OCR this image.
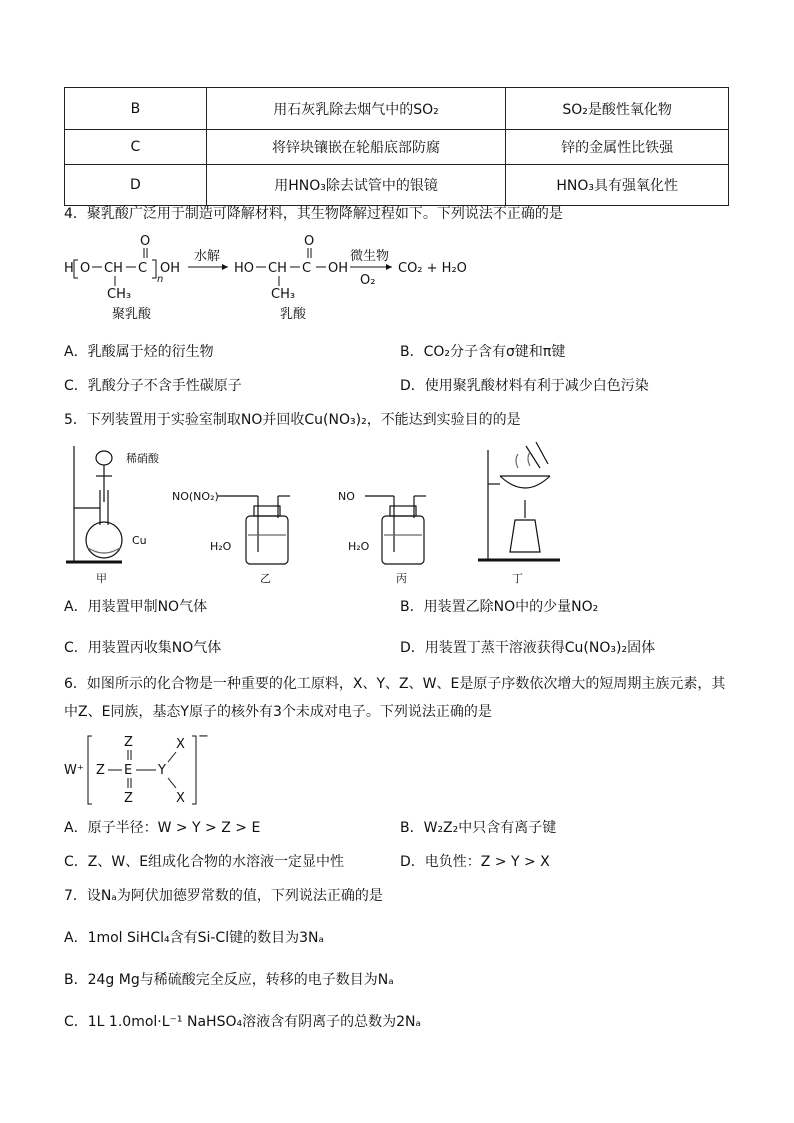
B	用石灰乳除去烟气中的SO₂	SO₂是酸性氧化物
C	将锌块镶嵌在轮船底部防腐	锌的金属性比铁强
D	用HNO₃除去试管中的银镜	HNO₃具有强氧化性
4．聚乳酸广泛用于制造可降解材料，其生物降解过程如下。下列说法不正确的是
H O CH C
O
n
OH
CH₃
聚乳酸
水解
HO CH C
O
OH
CH₃
乳酸
微生物
O₂
CO₂ + H₂O
A．乳酸属于烃的衍生物	B．CO₂分子含有σ键和π键
C．乳酸分子不含手性碳原子	D．使用聚乳酸材料有利于减少白色污染
5．下列装置用于实验室制取NO并回收Cu(NO₃)₂，不能达到实验目的的是
稀硝酸
Cu
NO(NO₂)
H₂O
NO
H₂O
甲	乙	丙	丁
A．用装置甲制NO气体	B．用装置乙除NO中的少量NO₂
C．用装置丙收集NO气体	D．用装置丁蒸干溶液获得Cu(NO₃)₂固体
6．如图所示的化合物是一种重要的化工原料，X、Y、Z、W、E是原子序数依次增大的短周期主族元素，其
中Z、E同族，基态Y原子的核外有3个未成对电子。下列说法正确的是
W⁺ Z E
Z
Z
Y
X
X
−
A．原子半径：W > Y > Z > E	B．W₂Z₂中只含有离子键
C．Z、W、E组成化合物的水溶液一定显中性	D．电负性：Z > Y > X
7．设Nₐ为阿伏加德罗常数的值，下列说法正确的是
A．1mol SiHCl₄含有Si-Cl键的数目为3Nₐ
B．24g Mg与稀硫酸完全反应，转移的电子数目为Nₐ
C．1L 1.0mol·L⁻¹ NaHSO₄溶液含有阴离子的总数为2Nₐ
